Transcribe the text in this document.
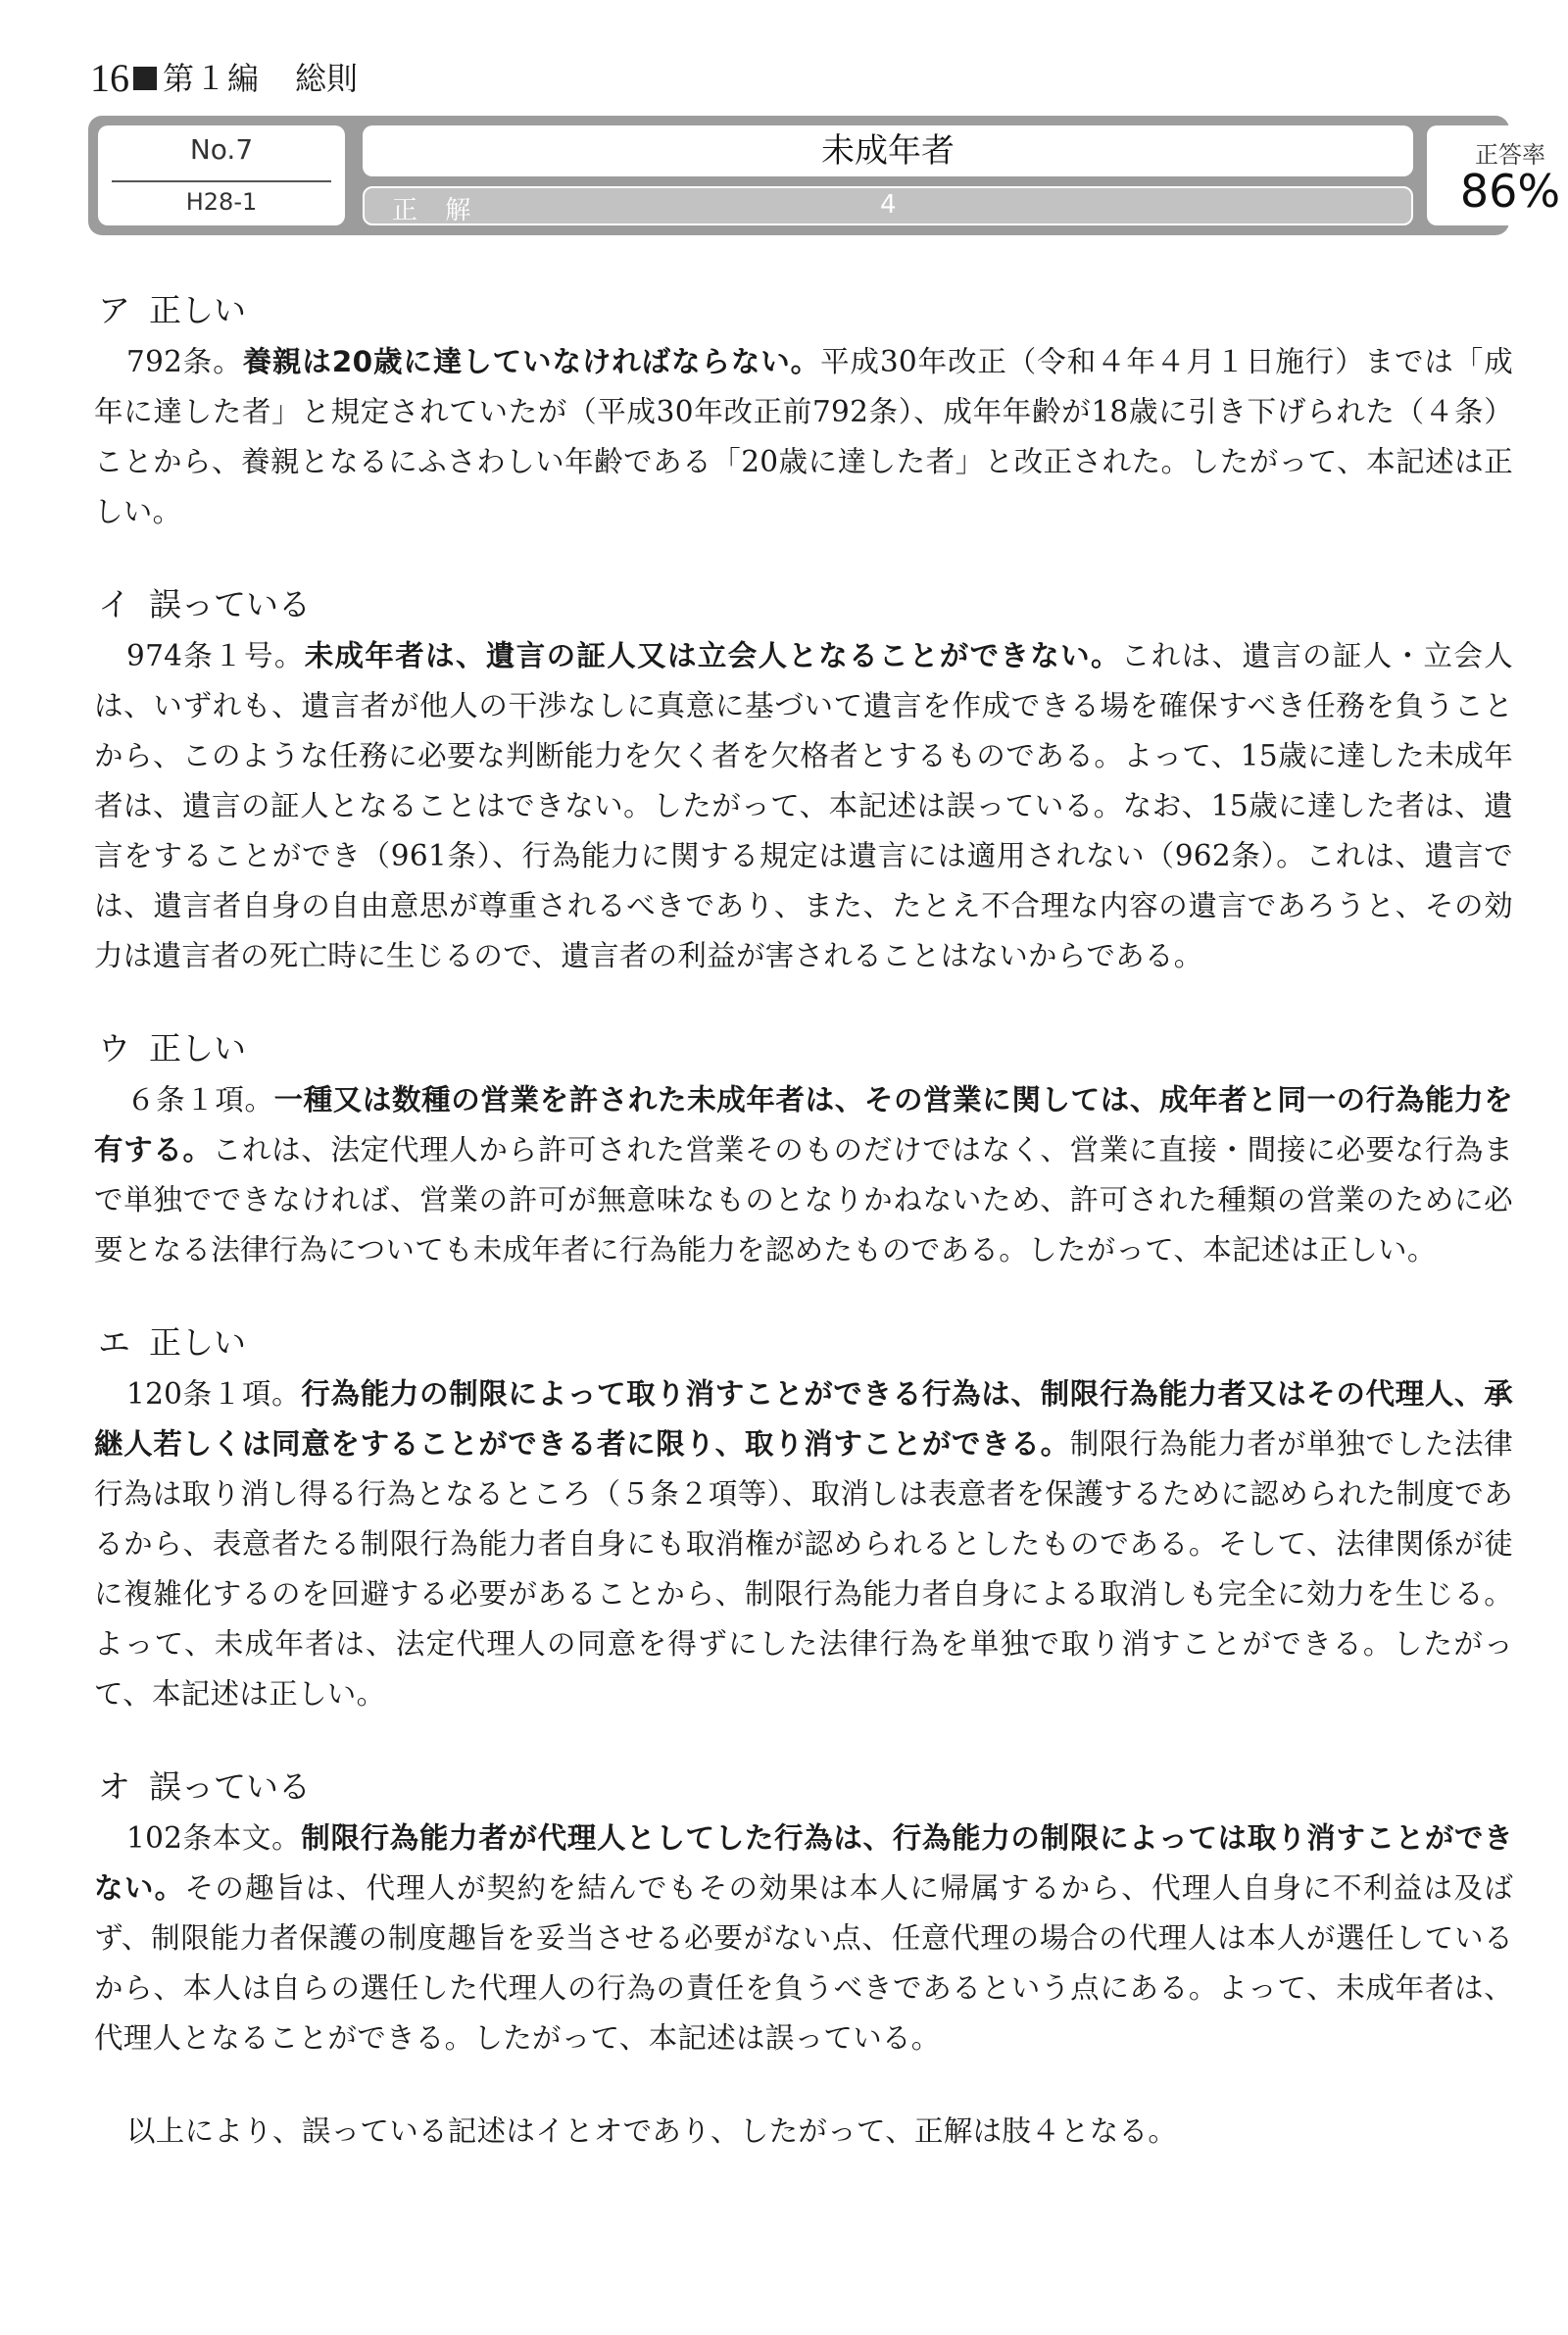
16 第１編 総則
No.7
H28-1
未成年者
正 解	4
正答率
86%
ア 正しい

792条。養親は20歳に達していなければならない。平成30年改正（令和４年４月１日施行）までは「成年に達した者」と規定されていたが（平成30年改正前792条）、成年年齢が18歳に引き下げられた（４条）ことから、養親となるにふさわしい年齢である「20歳に達した者」と改正された。したがって、本記述は正しい。

イ 誤っている

974条１号。未成年者は、遺言の証人又は立会人となることができない。これは、遺言の証人・立会人は、いずれも、遺言者が他人の干渉なしに真意に基づいて遺言を作成できる場を確保すべき任務を負うことから、このような任務に必要な判断能力を欠く者を欠格者とするものである。よって、15歳に達した未成年者は、遺言の証人となることはできない。したがって、本記述は誤っている。なお、15歳に達した者は、遺言をすることができ（961条）、行為能力に関する規定は遺言には適用されない（962条）。これは、遺言では、遺言者自身の自由意思が尊重されるべきであり、また、たとえ不合理な内容の遺言であろうと、その効力は遺言者の死亡時に生じるので、遺言者の利益が害されることはないからである。

ウ 正しい

６条１項。一種又は数種の営業を許された未成年者は、その営業に関しては、成年者と同一の行為能力を有する。これは、法定代理人から許可された営業そのものだけではなく、営業に直接・間接に必要な行為まで単独でできなければ、営業の許可が無意味なものとなりかねないため、許可された種類の営業のために必要となる法律行為についても未成年者に行為能力を認めたものである。したがって、本記述は正しい。

エ 正しい

120条１項。行為能力の制限によって取り消すことができる行為は、制限行為能力者又はその代理人、承継人若しくは同意をすることができる者に限り、取り消すことができる。制限行為能力者が単独でした法律行為は取り消し得る行為となるところ（５条２項等）、取消しは表意者を保護するために認められた制度であるから、表意者たる制限行為能力者自身にも取消権が認められるとしたものである。そして、法律関係が徒に複雑化するのを回避する必要があることから、制限行為能力者自身による取消しも完全に効力を生じる。よって、未成年者は、法定代理人の同意を得ずにした法律行為を単独で取り消すことができる。したがって、本記述は正しい。

オ 誤っている

102条本文。制限行為能力者が代理人としてした行為は、行為能力の制限によっては取り消すことができない。その趣旨は、代理人が契約を結んでもその効果は本人に帰属するから、代理人自身に不利益は及ばず、制限能力者保護の制度趣旨を妥当させる必要がない点、任意代理の場合の代理人は本人が選任しているから、本人は自らの選任した代理人の行為の責任を負うべきであるという点にある。よって、未成年者は、代理人となることができる。したがって、本記述は誤っている。

以上により、誤っている記述はイとオであり、したがって、正解は肢４となる。
